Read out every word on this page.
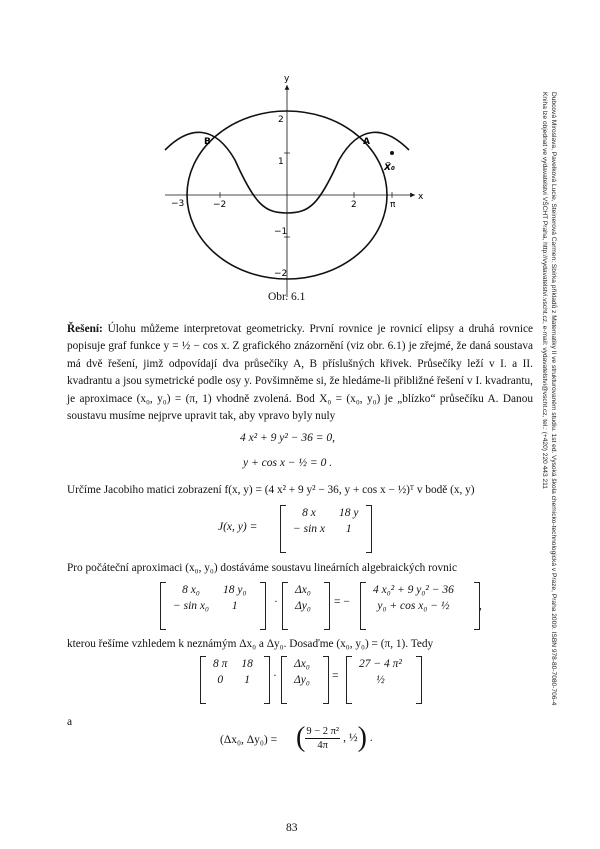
−3	−2	2	π
2
1
−1
−2
x
y
A
B
X̃₀
Obr. 6.1
Řešení: Úlohu můžeme interpretovat geometricky. První rovnice je rovnicí elipsy a druhá rovnice popisuje graf funkce y = ½ − cos x. Z grafického znázornění (viz obr. 6.1) je zřejmé, že daná soustava má dvě řešení, jimž odpovídají dva průsečíky A, B příslušných křivek. Průsečíky leží v I. a II. kvadrantu a jsou symetrické podle osy y. Povšimněme si, že hledáme-li přibližné řešení v I. kvadrantu, je aproximace (x₀, y₀) = (π, 1) vhodně zvolená. Bod X₀ = (x₀, y₀) je „blízko“ průsečíku A. Danou soustavu musíme nejprve upravit tak, aby vpravo byly nuly
4 x² + 9 y² − 36 = 0,
y + cos x − ½ = 0 .
Určíme Jacobiho matici zobrazení f(x, y) = (4 x² + 9 y² − 36, y + cos x − ½)ᵀ v bodě (x, y)
J(x, y) =
8 x	18 y
− sin x	1
Pro počáteční aproximaci (x₀, y₀) dostáváme soustavu lineárních algebraických rovnic
8 x₀	18 y₀
− sin x₀	1	·
Δx₀
Δy₀ = −
4 x₀² + 9 y₀² − 36
y₀ + cos x₀ − ½	,
kterou řešíme vzhledem k neznámým Δx₀ a Δy₀. Dosaďme (x₀, y₀) = (π, 1). Tedy
8 π	18
0	1 ·
Δx₀
Δy₀ =
27 − 4 π²
½
a
(Δx₀, Δy₀) = ( $\frac{\text{9 − 2 π²}}{4\pi}$ , ½ ) .
83
Dubcová Miroslava, Pavelková Lucie, Steinerová Carmen: Sbírka příkladů z Matematiky II ve strukturovaném studiu. 1st ed. Vysoká škola chemicko-technologická v Praze, Praha 2009. ISBN 978-80-7080-706-4
Kniha lze objednat ve vydavatelství VŠCHT Praha, http://vydavatelstvi.vscht.cz, e-mail: vydavatelstvi@vscht.cz, tel.: (+420) 220 443 211
